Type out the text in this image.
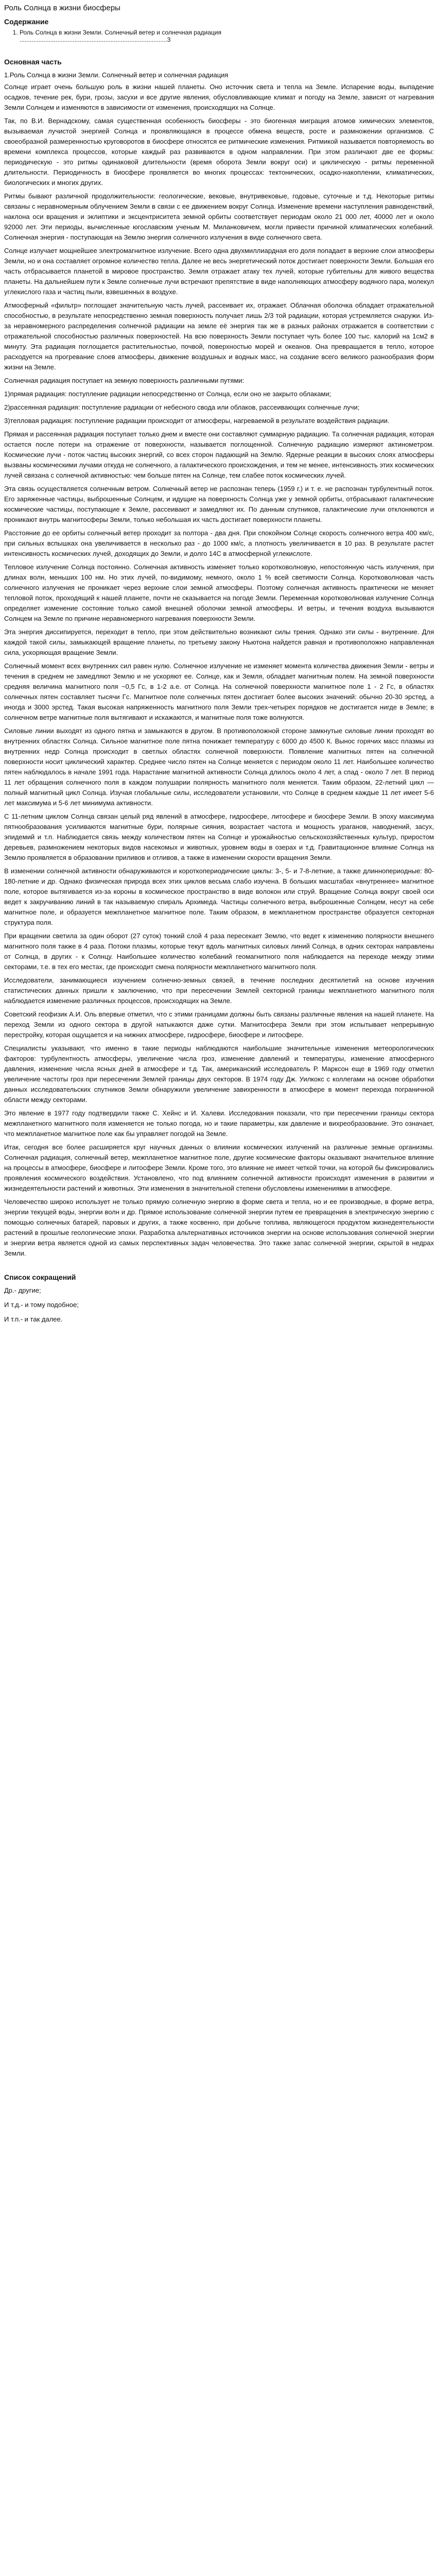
Роль Солнца в жизни биосферы
Содержание
1. Роль Солнца в жизни Земли. Солнечный ветер и солнечная радиация
......................................................................................3
Основная часть

1.Роль Солнца в жизни Земли. Солнечный ветер и солнечная радиация

Солнце играет очень большую роль в жизни нашей планеты. Оно источник света и тепла на Земле. Испарение воды, выпадение осадков, течение рек, бури, грозы, засухи и все другие явления, обусловливающие климат и погоду на Земле, зависят от нагревания Земли Солнцем и изменяются в зависимости от изменения, происходящих на Солнце.

Так, по В.И. Вернадскому, самая существенная особенность биосферы - это биогенная миграция атомов химических элементов, вызываемая лучистой энергией Солнца и проявляющаяся в процессе обмена веществ, росте и размножении организмов. С своеобразной размеренностью круговоротов в биосфере относятся ее ритмические изменения. Ритмикой называется повторяемость во времени комплекса процессов, которые каждый раз развиваются в одном направлении. При этом различают две ее формы: периодическую - это ритмы одинаковой длительности (время оборота Земли вокруг оси) и циклическую - ритмы переменной длительности. Периодичность в биосфере проявляется во многих процессах: тектонических, осадко-накоплении, климатических, биологических и многих других.

Ритмы бывают различной продолжительности: геологические, вековые, внутривековые, годовые, суточные и т.д. Некоторые ритмы связаны с неравномерным облучением Земли в связи с ее движением вокруг Солнца. Изменение времени наступления равноденствий, наклона оси вращения и эклиптики и эксцентриситета земной орбиты соответствует периодам около 21 000 лет, 40000 лет и около 92000 лет. Эти периоды, вычисленные югославским ученым М. Милан​ковичем, могли привести причиной климатических колебаний. Солнечная энергия - поступающая на Землю энергия солнечного излучения в виде солнечного света.

Солнце излучает мощнейшее электромагнитное излучение. Всего одна двухмиллиардная его доля попадает в верхние слои атмосферы Земли, но и она составляет огромное количество тепла. Далее не весь энергетический поток достигает поверхности Земли. Большая его часть отбрасывается планетой в мировое пространство. Земля отражает атаку тех лучей, которые губительны для живого вещества планеты. На дальнейшем пути к Земле солнечные лучи встречают препятствие в виде наполняющих атмосферу водяного пара, молекул углекислого газа и частиц пыли, взвешенных в воздухе.

Атмосферный «фильтр» поглощает значительную часть лучей, рассеивает их, отражает. Облачная оболочка обладает отражательной способностью, в результате непосредственно земная поверхность получает лишь 2/3 той радиации, которая устремляется снаружи. Из-за неравномерного распределения солнечной радиации на земле её энергия так же в разных районах отражается в соответствии с отражательной способностью различных поверхностей. На всю поверхность Земли поступает чуть более 100 тыс. калорий на 1см2 в минуту. Эта радиация поглощается растительностью, почвой, поверхностью морей и океанов. Она превращается в тепло, которое расходуется на прогревание слоев атмосферы, движение воздушных и водных масс, на создание всего великого разнообразия форм жизни на Земле.

Солнечная радиация поступает на земную поверхность различными путями:

1)прямая радиация: поступление радиации непосредственно от Солнца, если оно не закрыто облаками;

2)рассеянная радиация: поступление радиации от небесного свода или облаков, рассеивающих солнечные лучи;

3)тепловая радиация: поступление радиации происходит от атмосферы, нагреваемой в результате воздействия радиации.

Прямая и рассеянная радиация поступает только днем и вместе они составляют суммарную радиацию. Та солнечная радиация, которая остается после потери на отражение от поверхности, называется поглощенной. Солнечную радиацию измеряют актинометром. Космические лучи - поток частиц высоких энергий, со всех сторон падающий на Землю. Ядерные реакции в высоких слоях атмосферы вызваны космическими лучами откуда не солнечного, а галактического происхождения, и тем не менее, интенсивность этих космических лучей связана с солнечной активностью: чем больше пятен на Солнце, тем слабее поток космических лучей.

Эта связь осуществляется солнечным ветром. Солнечный ветер не распознан теперь (1959 г.) и т. е. не распознан турбулентный поток. Его заряженные частицы, выброшенные Солнцем, и идущие на поверхность Солнца уже у земной орбиты, отбрасывают галактические космические частицы, поступающие к Земле, рассеивают и замедляют их. По данным спутников, галактические лучи отклоняются и проникают внутрь магнитосферы Земли, только небольшая их часть достигает поверхности планеты.

Расстояние до ее орбиты солнечный ветер проходит за полтора - два дня. При спокойном Солнце скорость солнечного ветра 400 км/с, при сильных вспышках она увеличивается в несколько раз - до 1000 км/с, а плотность увеличивается в 10 раз. В результате растет интенсивность космических лучей, доходящих до Земли, и долго 14С в атмосферной углекислоте.

Тепловое излучение Солнца постоянно. Солнечная активность изменяет только коротковолновую, непостоянную часть излучения, при длинах волн, меньших 100 нм. Но этих лучей, по-видимому, немного, около 1 % всей светимости Солнца. Коротковолновая часть солнечного излучения не проникает через верхние слои земной атмосферы. Поэтому солнечная активность практически не меняет тепловой поток, проходящий к нашей планете, почти не сказывается на погоде Земли. Переменная коротковолновая излучение Солнца определяет изменение состояние только самой внешней оболочки земной атмосферы. И ветры, и течения воздуха вызываются Солнцем на Земле по причине неравномерного нагревания поверхности Земли.

Эта энергия диссипируется, переходит в тепло, при этом действительно возникают силы трения. Однако эти силы - внутренние. Для каждой такой силы, замыкающей вращение планеты, по третьему закону Ньютона найдется равная и противоположно направленная сила, ускоряющая вращение Земли.

Солнечный момент всех внутренних сил равен нулю. Солнечное излучение не изменяет момента количества движения Земли - ветры и течения в среднем не замедляют Землю и не ускоряют ее. Солнце, как и Земля, обладает магнитным полем. На земной поверхности средняя величина магнитного поля ~0,5 Гс, в 1-2 а.е. от Солнца. На солнечной поверхности магнитное поле 1 - 2 Гс, в областях солнечных пятен составляет тысячи Гс. Магнитное поле солнечных пятен достигает более высоких значений: обычно 20-30 эрстед, а иногда и 3000 эрстед. Такая высокая напряженность магнитного поля Земли трех-четырех порядков не достигается нигде в Земле; в солнечном ветре магнитные поля вытягивают и искажаются, и магнитные поля тоже волнуются.

Силовые линии выходят из одного пятна и замыкаются в другом. В противоположной стороне замкнутые силовые линии проходят во внутренних областях Солнца. Сильное магнитное поле пятна понижает температуру с 6000 до 4500 К. Вынос горячих масс плазмы из внутренних недр Солнца происходит в светлых областях солнечной поверхности. Появление магнитных пятен на солнечной поверхности носит циклический характер. Среднее число пятен на Солнце меняется с периодом около 11 лет. Наибольшее количество пятен наблюдалось в начале 1991 года. Нарастание магнитной активности Солнца длилось около 4 лет, а спад - около 7 лет. В период 11 лет обращения солнечного поля в каждом полушарии полярность магнитного поля меняется. Таким образом, 22-летний цикл — полный магнитный цикл Солнца. Изучая глобальные силы, исследователи установили, что Солнце в среднем каждые 11 лет имеет 5-6 лет максимума и 5-6 лет минимума активности.

С 11-летним циклом Солнца связан целый ряд явлений в атмосфере, гидросфере, литосфере и биосфере Земли. В эпоху максимума пятнообразования усиливаются магнитные бури, полярные сияния, возрастает частота и мощность ураганов, наводнений, засух, эпидемий и т.п. Наблюдается связь между количеством пятен на Солнце и урожайностью сельскохозяйственных культур, приростом деревьев, размножением некоторых видов насекомых и животных, уровнем воды в озерах и т.д. Гравитационное влияние Солнца на Землю проявляется в образовании приливов и отливов, а также в изменении скорости вращения Земли.

В изменении солнечной активности обнаруживаются и короткопериодические циклы: 3-, 5- и 7-8-летние, а также длиннопериодные: 80-180-летние и др. Однако физическая природа всех этих циклов весьма слабо изучена. В больших масштабах «внутреннее» магнитное поле, которое вытягивается из-за короны в космическое пространство в виде волокон или струй. Вращение Солнца вокруг своей оси ведет к закручиванию линий в так называемую спираль Архимеда. Частицы солнечного ветра, выброшенные Солнцем, несут на себе магнитное поле, и образуется межпланетное магнитное поле. Таким образом, в межпланетном пространстве образуется секторная структура поля.

При вращении светила за один оборот (27 суток) тонкий слой 4 раза пересекает Землю, что ведет к изменению полярности внешнего магнитного поля также в 4 раза. Потоки плазмы, которые текут вдоль магнитных силовых линий Солнца, в одних секторах направлены от Солнца, в других - к Солнцу. Наибольшее количество колебаний геомагнитного поля наблюдается на переходе между этими секторами, т.е. в тех его местах, где происходит смена полярности межпланетного магнитного поля.

Исследователи, занимающиеся изучением солнечно-земных связей, в течение последних десятилетий на основе изучения статистических данных пришли к заключению, что при пересечении Землей секторной границы межпланетного магнитного поля наблюдается изменение различных процессов, происходящих на Земле.

Советский геофизик А.И. Оль впервые отметил, что с этими границами должны быть связаны различные явления на нашей планете. На переход Земли из одного сектора в другой натыкаются даже сутки. Магнитосфера Земли при этом испытывает непрерывную перестройку, которая ощущается и на нижних атмосфере, гидросфере, биосфере и литосфере.

Специалисты указывают, что именно в такие периоды наблюдаются наибольшие значительные изменения метеорологических факторов: турбулентность атмосферы, увеличение числа гроз, изменение давлений и температуры, изменение атмосферного давления, изменение числа ясных дней в атмосфере и т.д. Так, американский исследователь Р. Марксон еще в 1969 году отметил увеличение частоты гроз при пересечении Землей границы двух секторов. В 1974 году Дж. Уилкокс с коллегами на основе обработки данных исследовательских спутников Земли обнаружили увеличение завихренности в атмосфере в момент перехода пограничной области между секторами.

Это явление в 1977 году подтвердили также С. Хейнс и И. Халеви. Исследования показали, что при пересечении границы сектора межпланетного магнитного поля изменяется не только погода, но и такие параметры, как давление и вихреобразование. Это означает, что межпланетное магнитное поле как бы управляет погодой на Земле.

Итак, сегодня все более расширяется круг научных данных о влиянии космических излучений на различные земные организмы. Солнечная радиация, солнечный ветер, межпланетное магнитное поле, другие космические факторы оказывают значительное влияние на процессы в атмосфере, биосфере и литосфере Земли. Кроме того, это влияние не имеет четкой точки, на которой бы фиксировались проявления космического воздействия. Установлено, что под влиянием солнечной активности происходят изменения в развитии и жизнедеятельности растений и животных. Эти изменения в значительной степени обусловлены изменениями в атмосфере.

Человечество широко использует не только прямую солнечную энергию в форме света и тепла, но и ее производные, в форме ветра, энергии текущей воды, энергии волн и др. Прямое использование солнечной энергии путем ее превращения в электрическую энергию с помощью солнечных батарей, паровых и других, а также косвенно, при добыче топлива, являющегося продуктом жизнедеятельности растений в прошлые геологические эпохи. Разработка альтернативных источников энергии на основе использования солнечной энергии и энергии ветра является одной из самых перспективных задач человечества. Это также запас солнечной энергии, скрытой в недрах Земли.

Список сокращений

Др.- другие;

И т.д.- и тому подобное;

И т.п.- и так далее.
